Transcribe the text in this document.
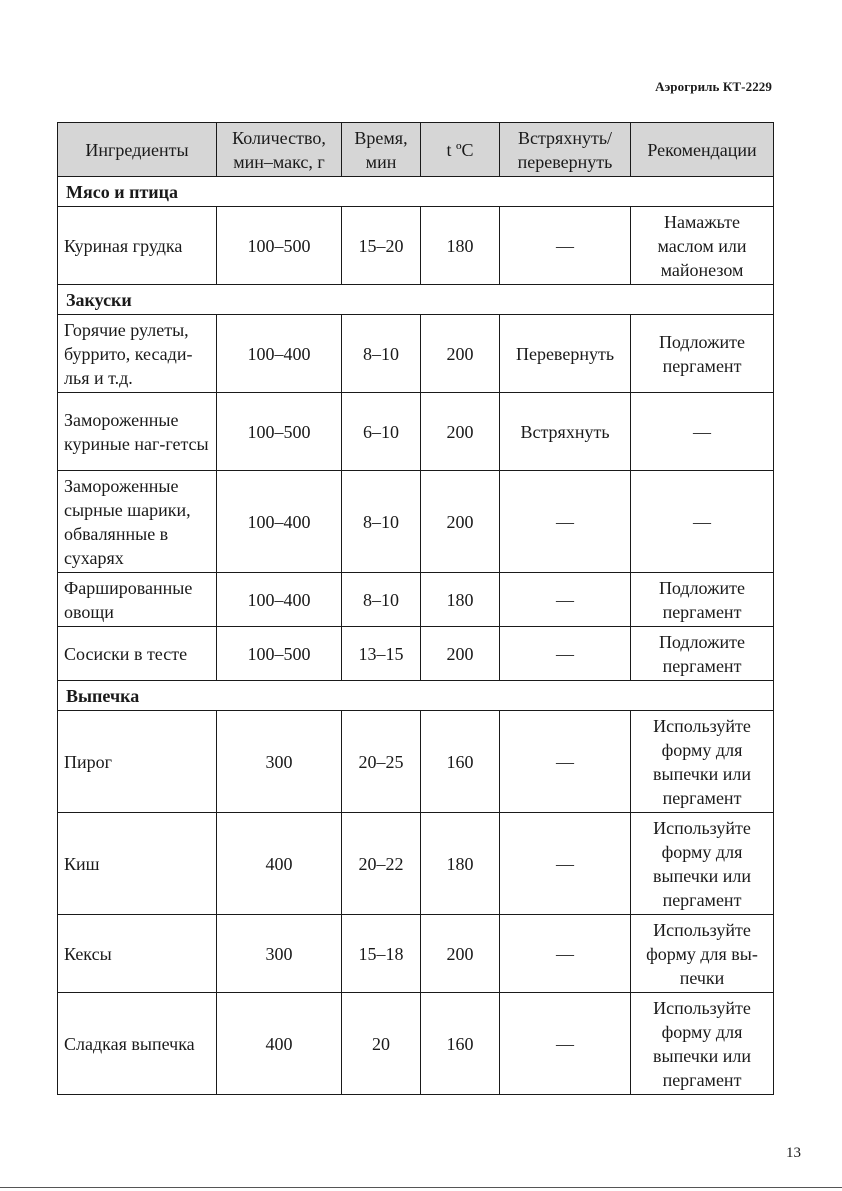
Аэрогриль КТ-2229
Ингредиенты	Количество, мин–макс, г	Время, мин	t ºC	Встряхнуть/ перевернуть	Рекомендации
Мясо и птица					
Куриная грудка	100–500	15–20	180	—	Намажьте маслом или майонезом
Закуски					
Горячие рулеты, буррито, кесади-лья и т.д.	100–400	8–10	200	Перевернуть	Подложите пергамент
Замороженные куриные наг-гетсы	100–500	6–10	200	Встряхнуть	—
Замороженные сырные шарики, обвалянные в сухарях	100–400	8–10	200	—	—
Фаршированные овощи	100–400	8–10	180	—	Подложите пергамент
Сосиски в тесте	100–500	13–15	200	—	Подложите пергамент
Выпечка					
Пирог	300	20–25	160	—	Используйте форму для выпечки или пергамент
Киш	400	20–22	180	—	Используйте форму для выпечки или пергамент
Кексы	300	15–18	200	—	Используйте форму для вы-печки
Сладкая выпечка	400	20	160	—	Используйте форму для выпечки или пергамент
13
